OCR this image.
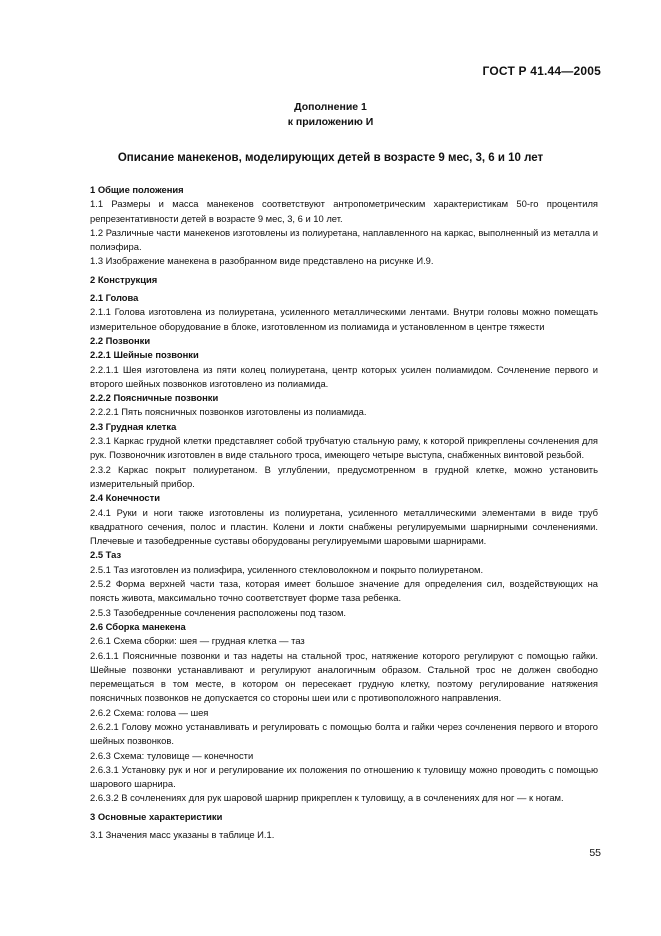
ГОСТ Р 41.44—2005
Дополнение 1
к приложению И
Описание манекенов, моделирующих детей в возрасте 9 мес, 3, 6 и 10 лет

1 Общие положения

1.1 Размеры и масса манекенов соответствуют антропометрическим характеристикам 50-го процентиля репрезентативности детей в возрасте 9 мес, 3, 6 и 10 лет.

1.2 Различные части манекенов изготовлены из полиуретана, наплавленного на каркас, выполненный из металла и полиэфира.

1.3 Изображение манекена в разобранном виде представлено на рисунке И.9.

2 Конструкция

2.1 Голова

2.1.1 Голова изготовлена из полиуретана, усиленного металлическими лентами. Внутри головы можно помещать измерительное оборудование в блоке, изготовленном из полиамида и установленном в центре тяжести

2.2 Позвонки

2.2.1 Шейные позвонки

2.2.1.1 Шея изготовлена из пяти колец полиуретана, центр которых усилен полиамидом. Сочленение первого и второго шейных позвонков изготовлено из полиамида.

2.2.2 Поясничные позвонки

2.2.2.1 Пять поясничных позвонков изготовлены из полиамида.

2.3 Грудная клетка

2.3.1 Каркас грудной клетки представляет собой трубчатую стальную раму, к которой прикреплены сочленения для рук. Позвоночник изготовлен в виде стального троса, имеющего четыре выступа, снабженных винтовой резьбой.

2.3.2 Каркас покрыт полиуретаном. В углублении, предусмотренном в грудной клетке, можно установить измерительный прибор.

2.4 Конечности

2.4.1 Руки и ноги также изготовлены из полиуретана, усиленного металлическими элементами в виде труб квадратного сечения, полос и пластин. Колени и локти снабжены регулируемыми шарнирными сочленениями. Плечевые и тазобедренные суставы оборудованы регулируемыми шаровыми шарнирами.

2.5 Таз

2.5.1 Таз изготовлен из полиэфира, усиленного стекловолокном и покрыто полиуретаном.

2.5.2 Форма верхней части таза, которая имеет большое значение для определения сил, воздействующих на поясть живота, максимально точно соответствует форме таза ребенка.

2.5.3 Тазобедренные сочленения расположены под тазом.

2.6 Сборка манекена

2.6.1 Схема сборки: шея — грудная клетка — таз

2.6.1.1 Поясничные позвонки и таз надеты на стальной трос, натяжение которого регулируют с помощью гайки. Шейные позвонки устанавливают и регулируют аналогичным образом. Стальной трос не должен свободно перемещаться в том месте, в котором он пересекает грудную клетку, поэтому регулирование натяжения поясничных позвонков не допускается со стороны шеи или с противоположного направления.

2.6.2 Схема: голова — шея

2.6.2.1 Голову можно устанавливать и регулировать с помощью болта и гайки через сочленения первого и второго шейных позвонков.

2.6.3 Схема: туловище — конечности

2.6.3.1 Установку рук и ног и регулирование их положения по отношению к туловищу можно проводить с помощью шарового шарнира.

2.6.3.2 В сочленениях для рук шаровой шарнир прикреплен к туловищу, а в сочленениях для ног — к ногам.

3 Основные характеристики

3.1 Значения масс указаны в таблице И.1.

55
